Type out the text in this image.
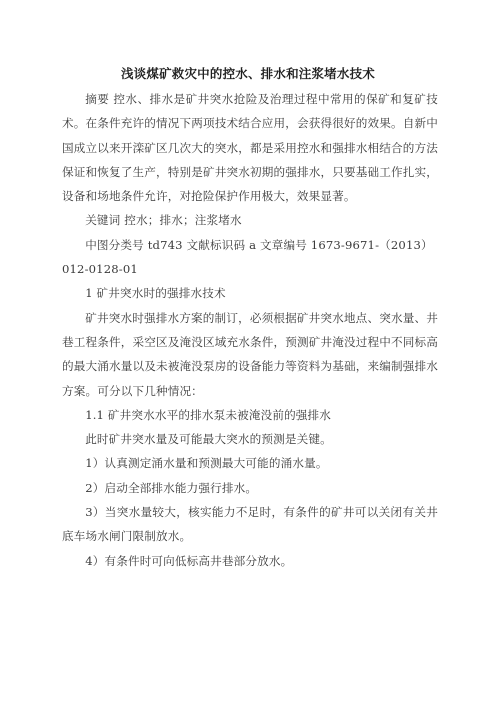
浅谈煤矿救灾中的控水、排水和注浆堵水技术

摘要 控水、排水是矿井突水抢险及治理过程中常用的保矿和复矿技术。在条件充许的情况下两项技术结合应用，会获得很好的效果。自新中国成立以来开滦矿区几次大的突水，都是采用控水和强排水相结合的方法保证和恢复了生产，特别是矿井突水初期的强排水，只要基础工作扎实，设备和场地条件允许，对抢险保护作用极大，效果显著。

关键词 控水；排水；注浆堵水

中图分类号 td743 文献标识码 a 文章编号 1673-9671-（2013）

012-0128-01

1 矿井突水时的强排水技术

矿井突水时强排水方案的制订，必须根据矿井突水地点、突水量、井巷工程条件，采空区及淹没区域充水条件，预测矿井淹没过程中不同标高的最大涌水量以及未被淹没泵房的设备能力等资料为基础，来编制强排水方案。可分以下几种情况：

1.1 矿井突水水平的排水泵未被淹没前的强排水

此时矿井突水量及可能最大突水的预测是关键。

1）认真测定涌水量和预测最大可能的涌水量。

2）启动全部排水能力强行排水。

3）当突水量较大，核实能力不足时，有条件的矿井可以关闭有关井底车场水闸门限制放水。

4）有条件时可向低标高井巷部分放水。
